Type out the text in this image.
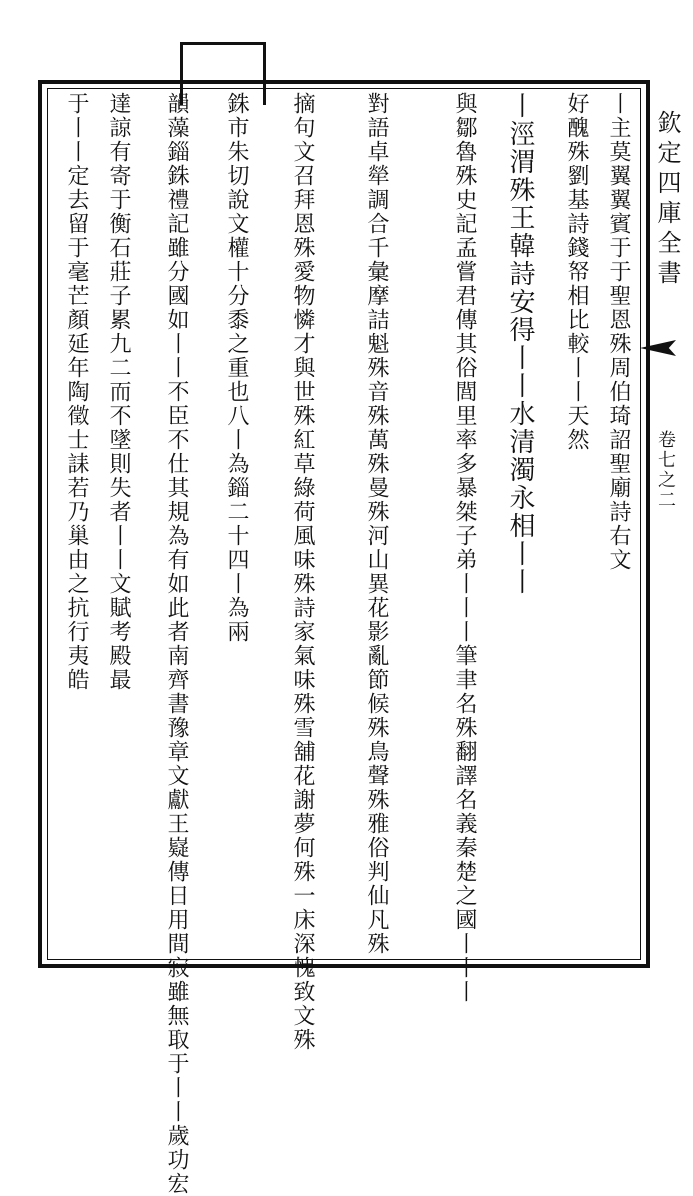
欽定四庫全書
卷七之二
丨主莫翼翼賓于于聖恩殊周伯琦詔聖廟詩右文
好醜殊劉基詩錢帑相比較丨丨天然
丨涇渭殊王韓詩安得丨丨水清濁永相丨丨
與鄒魯殊史記孟嘗君傳其俗閭里率多暴桀子弟丨丨丨筆聿名殊翻譯名義秦楚之國丨丨丨
對語卓犖調合千彙摩詰魁殊音殊萬殊曼殊河山異花影亂節候殊鳥聲殊雅俗判仙凡殊
摘句文召拜恩殊愛物憐才與世殊紅草綠荷風味殊詩家氣味殊雪舖花謝夢何殊一床深愧致文殊
銖市朱切說文權十分黍之重也八丨為錙二十四丨為兩
韻藻錙銖禮記雖分國如丨丨不臣不仕其規為有如此者南齊書豫章文獻王嶷傳日用間寂雖無取于丨丨歲功宏
達諒有寄于衡石莊子累九二而不墜則失者丨丨文賦考殿最
于丨丨定去留于毫芒顏延年陶徵士誄若乃巢由之抗行夷皓
